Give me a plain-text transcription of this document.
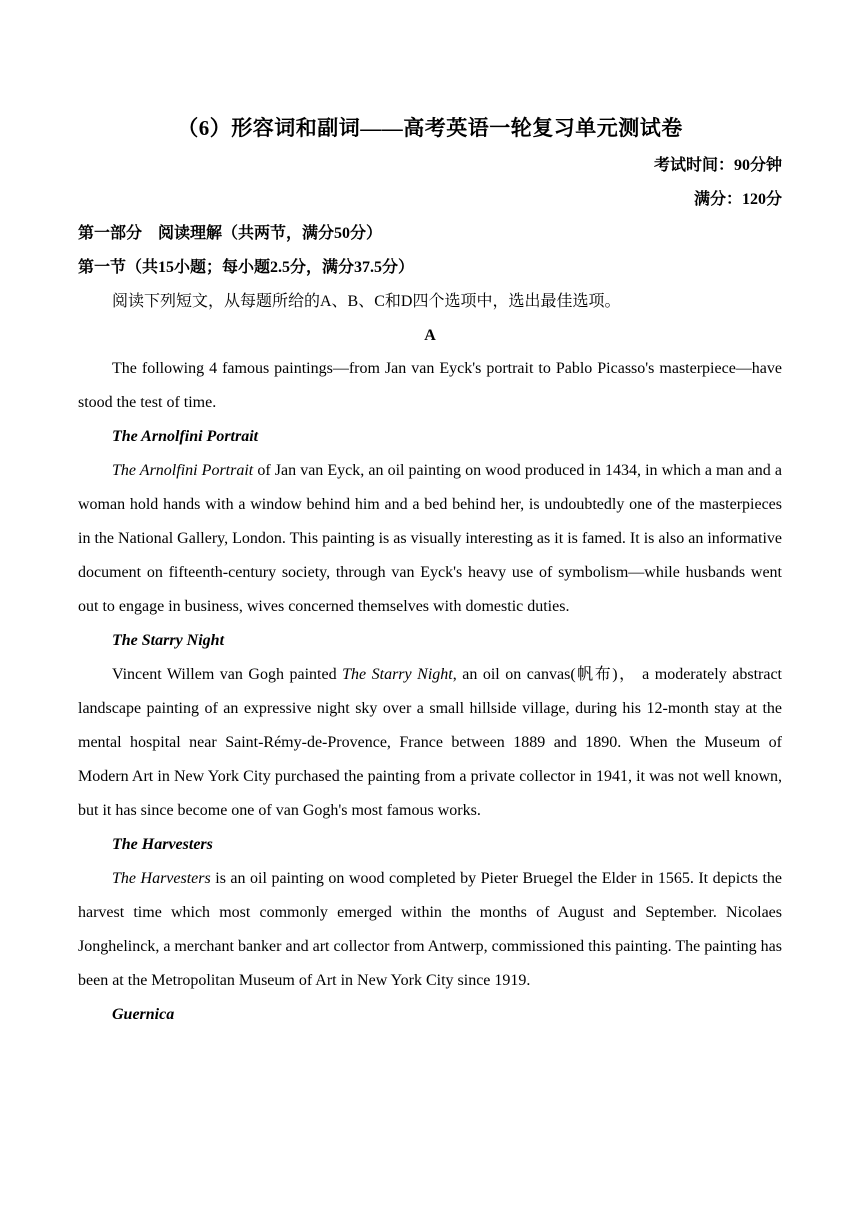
（6）形容词和副词——高考英语一轮复习单元测试卷
考试时间：90分钟
满分：120分
第一部分　阅读理解（共两节，满分50分）
第一节（共15小题；每小题2.5分，满分37.5分）
阅读下列短文，从每题所给的A、B、C和D四个选项中，选出最佳选项。
A

The following 4 famous paintings—from Jan van Eyck's portrait to Pablo Picasso's masterpiece—have stood the test of time.

The Arnolfini Portrait

The Arnolfini Portrait of Jan van Eyck, an oil painting on wood produced in 1434, in which a man and a woman hold hands with a window behind him and a bed behind her, is undoubtedly one of the masterpieces in the National Gallery, London. This painting is as visually interesting as it is famed. It is also an informative document on fifteenth-century society, through van Eyck's heavy use of symbolism—while husbands went out to engage in business, wives concerned themselves with domestic duties.

The Starry Night

Vincent Willem van Gogh painted The Starry Night, an oil on canvas(帆布)， a moderately abstract landscape painting of an expressive night sky over a small hillside village, during his 12-month stay at the mental hospital near Saint-Rémy-de-Provence, France between 1889 and 1890. When the Museum of Modern Art in New York City purchased the painting from a private collector in 1941, it was not well known, but it has since become one of van Gogh's most famous works.

The Harvesters

The Harvesters is an oil painting on wood completed by Pieter Bruegel the Elder in 1565. It depicts the harvest time which most commonly emerged within the months of August and September. Nicolaes Jonghelinck, a merchant banker and art collector from Antwerp, commissioned this painting. The painting has been at the Metropolitan Museum of Art in New York City since 1919.

Guernica
